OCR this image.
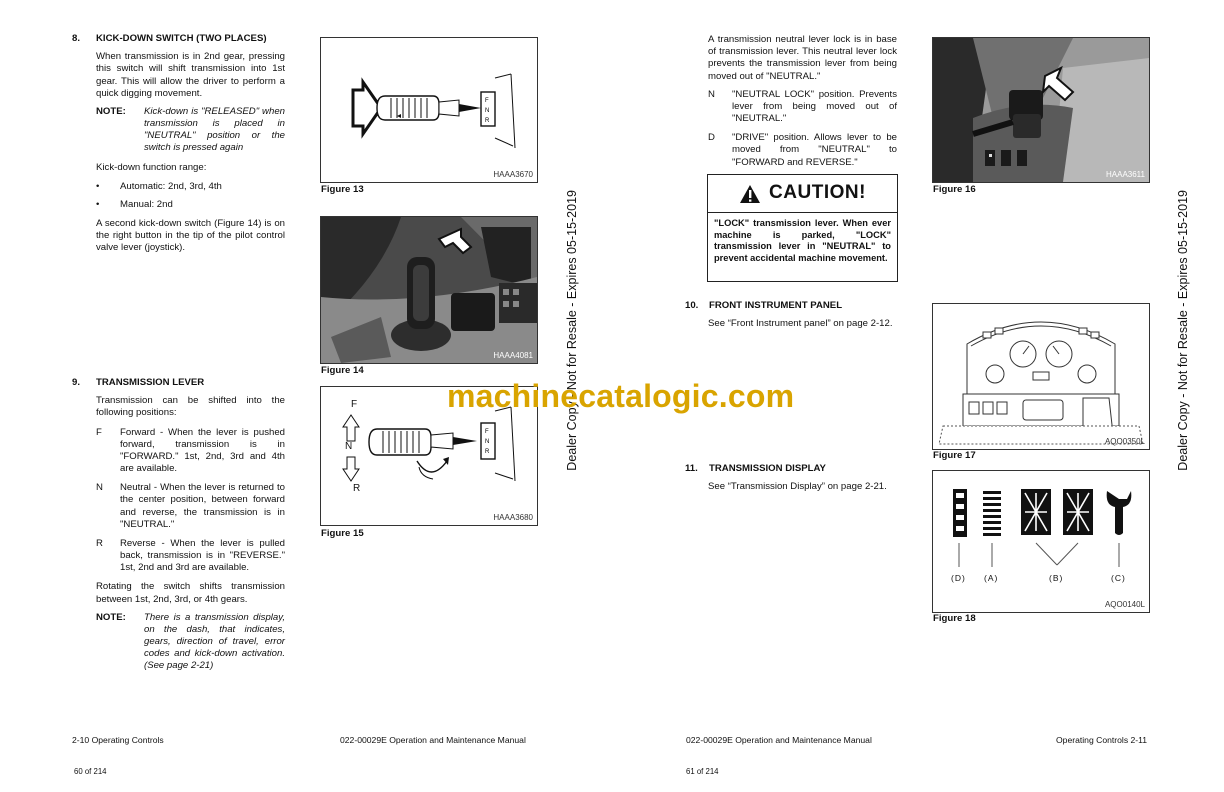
8. KICK-DOWN SWITCH (TWO PLACES)
When transmission is in 2nd gear, pressing this switch will shift transmission into 1st gear. This will allow the driver to perform a quick digging movement.
NOTE: Kick-down is "RELEASED" when transmission is placed in "NEUTRAL" position or the switch is pressed again
Kick-down function range:
• Automatic: 2nd, 3rd, 4th
• Manual: 2nd
A second kick-down switch (Figure 14) is on the right button in the tip of the pilot control valve lever (joystick).
9. TRANSMISSION LEVER
Transmission can be shifted into the following positions:
F Forward - When the lever is pushed forward, transmission is in "FORWARD." 1st, 2nd, 3rd and 4th are available.
N Neutral - When the lever is returned to the center position, between forward and reverse, the transmission is in "NEUTRAL."
R Reverse - When the lever is pulled back, transmission is in "REVERSE." 1st, 2nd and 3rd are available.
Rotating the switch shifts transmission between 1st, 2nd, 3rd, or 4th gears.
NOTE: There is a transmission display, on the dash, that indicates, gears, direction of travel, error codes and kick-down activation. (See page 2-21)
F
N
R
HAAA3670
Figure 13
HAAA4081
Figure 14
F
N
R
F
N
R
HAAA3680
Figure 15
A transmission neutral lever lock is in base of transmission lever. This neutral lever lock prevents the transmission lever from being moved out of "NEUTRAL."
N "NEUTRAL LOCK" position. Prevents lever from being moved out of "NEUTRAL."
D "DRIVE" position. Allows lever to be moved from "NEUTRAL" to "FORWARD and REVERSE."
CAUTION!
"LOCK" transmission lever. When ever machine is parked, "LOCK" transmission lever in "NEUTRAL" to prevent accidental machine movement.
10. FRONT INSTRUMENT PANEL
See “Front Instrument panel” on page 2-12.
11. TRANSMISSION DISPLAY
See “Transmission Display” on page 2-21.
HAAA3611
Figure 16
AQO0350L
Figure 17
(D) (A)	(B)	(C)
AQO0140L
Figure 18
2-10 Operating Controls	022-00029E Operation and Maintenance Manual
60 of 214
022-00029E Operation and Maintenance Manual	Operating Controls 2-11
61 of 214
Dealer Copy - Not for Resale - Expires 05-15-2019	Dealer Copy - Not for Resale - Expires 05-15-2019
machinecatalogic.com
